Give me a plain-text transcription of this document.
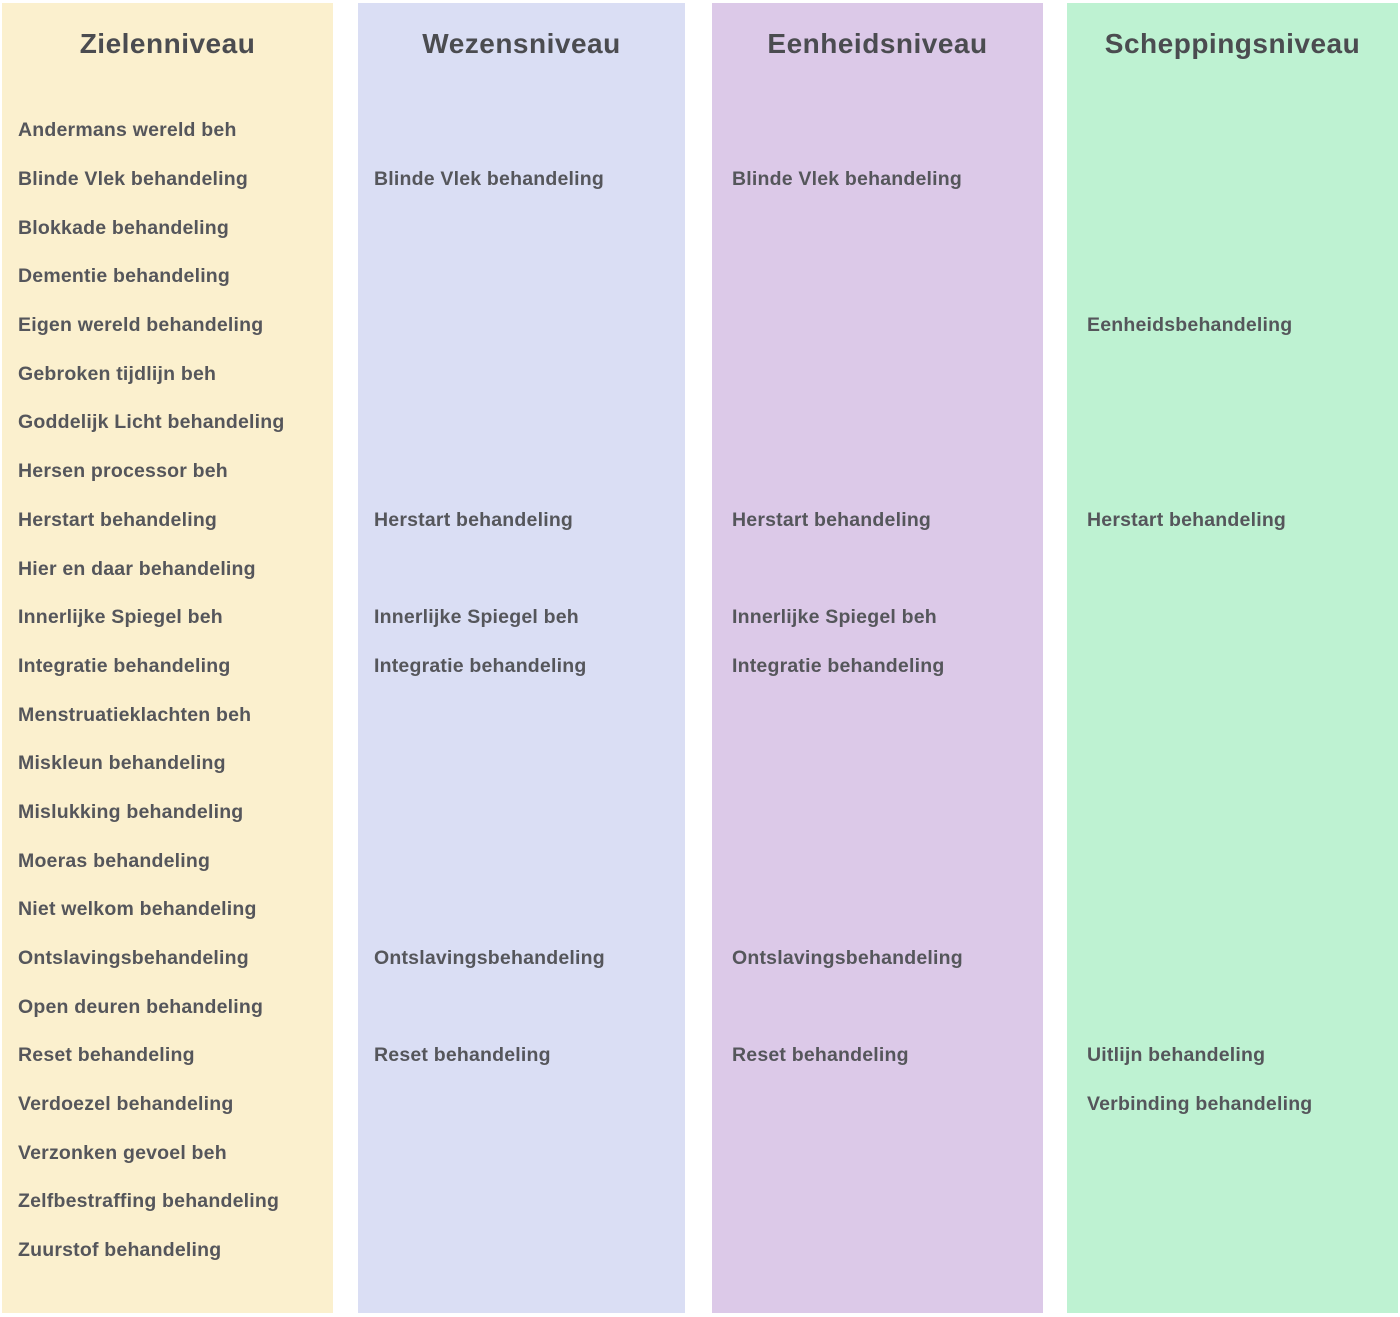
Zielenniveau
Andermans wereld beh
Blinde Vlek behandeling
Blokkade behandeling
Dementie behandeling
Eigen wereld behandeling
Gebroken tijdlijn beh
Goddelijk Licht behandeling
Hersen processor beh
Herstart behandeling
Hier en daar behandeling
Innerlijke Spiegel beh
Integratie behandeling
Menstruatieklachten beh
Miskleun behandeling
Mislukking behandeling
Moeras behandeling
Niet welkom behandeling
Ontslavingsbehandeling
Open deuren behandeling
Reset behandeling
Verdoezel behandeling
Verzonken gevoel beh
Zelfbestraffing behandeling
Zuurstof behandeling
Wezensniveau
Blinde Vlek behandeling
Herstart behandeling
Innerlijke Spiegel beh
Integratie behandeling
Ontslavingsbehandeling
Reset behandeling
Eenheidsniveau
Blinde Vlek behandeling
Herstart behandeling
Innerlijke Spiegel beh
Integratie behandeling
Ontslavingsbehandeling
Reset behandeling
Scheppingsniveau
Eenheidsbehandeling
Herstart behandeling
Uitlijn behandeling
Verbinding behandeling
